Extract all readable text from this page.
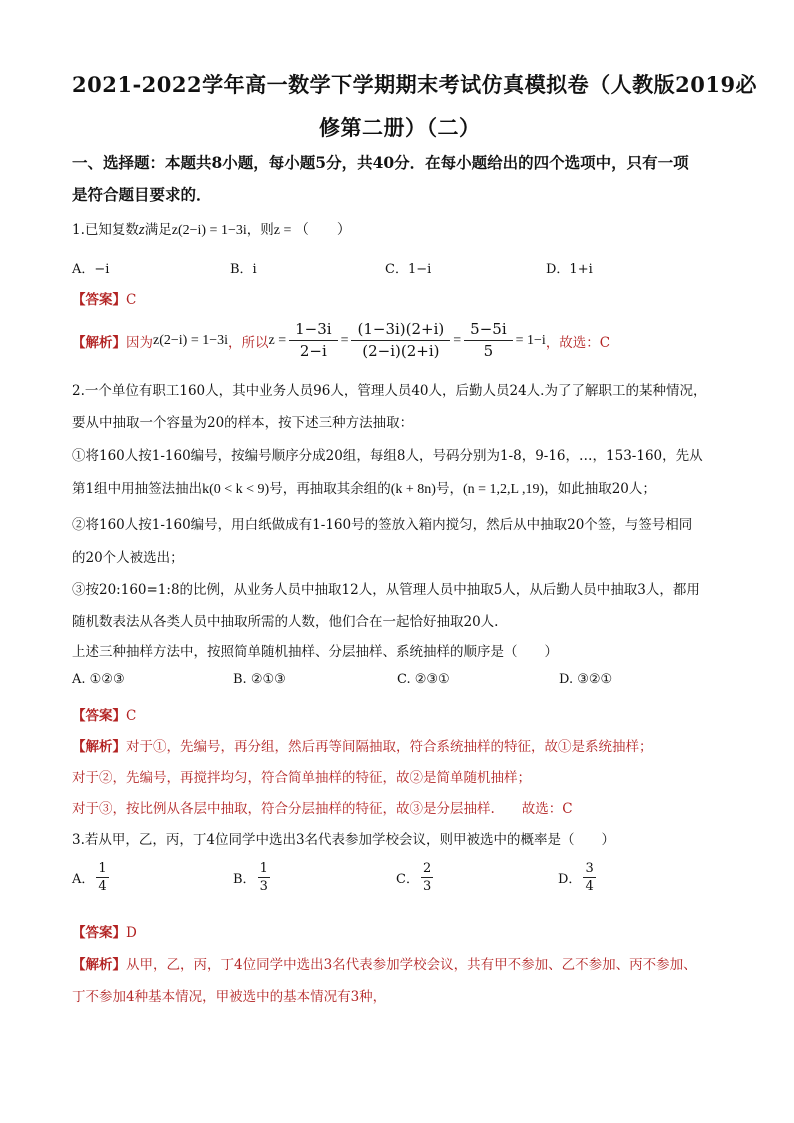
2021-2022学年高一数学下学期期末考试仿真模拟卷（人教版2019必
修第二册）（二）
一、选择题：本题共8小题，每小题5分，共40分．在每小题给出的四个选项中，只有一项
是符合题目要求的．
1.已知复数z满足z(2−i) = 1−3i，则z = （　　）
A．−i	B．i	C．1−i	D．1+i
【答案】C
【解析】 因为 z(2−i) = 1−3i ，所以 $z = \frac{1-3i}{2-i} = \frac{(1-3i)(2+i)}{(2-i)(2+i)} = \frac{5-5i}{5} = 1-i$ ，故选：C
2.一个单位有职工160人，其中业务人员96人，管理人员40人，后勤人员24人.为了了解职工的某种情况，
要从中抽取一个容量为20的样本，按下述三种方法抽取：
①将160人按1-160编号，按编号顺序分成20组，每组8人，号码分别为1-8，9-16，…，153-160，先从
第1组中用抽签法抽出k(0 < k < 9)号，再抽取其余组的(k + 8n)号，(n = 1,2,L ,19)，如此抽取20人；
②将160人按1-160编号，用白纸做成有1-160号的签放入箱内搅匀，然后从中抽取20个签，与签号相同
的20个人被选出；
③按20:160=1:8的比例，从业务人员中抽取12人，从管理人员中抽取5人，从后勤人员中抽取3人，都用
随机数表法从各类人员中抽取所需的人数，他们合在一起恰好抽取20人.
上述三种抽样方法中，按照简单随机抽样、分层抽样、系统抽样的顺序是（　　）
A. ①②③	B. ②①③	C. ②③①	D. ③②①
【答案】C
【解析】对于①，先编号，再分组，然后再等间隔抽取，符合系统抽样的特征，故①是系统抽样；
对于②，先编号，再搅拌均匀，符合简单抽样的特征，故②是简单随机抽样；
对于③，按比例从各层中抽取，符合分层抽样的特征，故③是分层抽样.　　故选：C
3.若从甲，乙，丙，丁4位同学中选出3名代表参加学校会议，则甲被选中的概率是（　　）
A． $\frac{1}{4}$	B． $\frac{1}{3}$	C． $\frac{2}{3}$	D． $\frac{3}{4}$
【答案】D
【解析】从甲，乙，丙，丁4位同学中选出3名代表参加学校会议，共有甲不参加、乙不参加、丙不参加、
丁不参加4种基本情况，甲被选中的基本情况有3种，
